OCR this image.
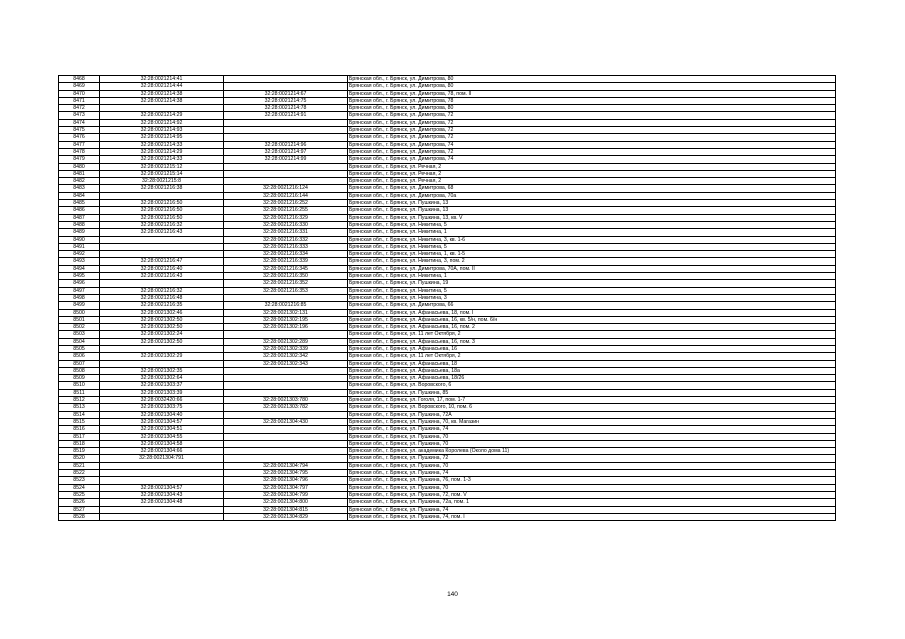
8468	32:28:0021214:41		Брянская обл., г. Брянск, ул. Димитрова, 80
8469	32:28:0021214:44		Брянская обл., г. Брянск, ул. Димитрова, 80
8470	32:28:0021214:38	32:28:0021214:67	Брянская обл., г. Брянск, ул. Димитрова, 78, пом. II
8471	32:28:0021214:38	32:28:0021214:75	Брянская обл., г. Брянск, ул. Димитрова, 78
8472		32:28:0021214:78	Брянская обл., г. Брянск, ул. Димитрова, 80
8473	32:28:0021214:29	32:28:0021214:91	Брянская обл., г. Брянск, ул. Димитрова, 72
8474	32:28:0021214:92		Брянская обл., г. Брянск, ул. Димитрова, 72
8475	32:28:0021214:93		Брянская обл., г. Брянск, ул. Димитрова, 72
8476	32:28:0021214:95		Брянская обл., г. Брянск, ул. Димитрова, 72
8477	32:28:0021214:33	32:28:0021214:96	Брянская обл., г. Брянск, ул. Димитрова, 74
8478	32:28:0021214:29	32:28:0021214:97	Брянская обл., г. Брянск, ул. Димитрова, 72
8479	32:28:0021214:33	32:28:0021214:99	Брянская обл., г. Брянск, ул. Димитрова, 74
8480	32:28:0021215:12		Брянская обл., г. Брянск, ул. Речная, 2
8481	32:28:0021215:14		Брянская обл., г. Брянск, ул. Речная, 2
8482	32:28:0021215:8		Брянская обл., г. Брянск, ул. Речная, 2
8483	32:28:0021216:38	32:28:0021216:124	Брянская обл., г. Брянск, ул. Димитрова, 68
8484		32:28:0021216:144	Брянская обл., г. Брянск, ул. Димитрова, 70а
8485	32:28:0021216:50	32:28:0021216:252	Брянская обл., г. Брянск, ул. Пушкина, 13
8486	32:28:0021216:50	32:28:0021216:255	Брянская обл., г. Брянск, ул. Пушкина, 13
8487	32:28:0021216:50	32:28:0021216:329	Брянская обл., г. Брянск, ул. Пушкина, 13, кв. V
8488	32:28:0021216:32	32:28:0021216:330	Брянская обл., г. Брянск, ул. Никитина, 5
8489	32:28:0021216:43	32:28:0021216:331	Брянская обл., г. Брянск, ул. Никитина, 1
8490		32:28:0021216:332	Брянская обл., г. Брянск, ул. Никитина, 3, кв. 1-6
8491		32:28:0021216:333	Брянская обл., г. Брянск, ул. Никитина, 5
8492		32:28:0021216:334	Брянская обл., г. Брянск, ул. Никитина, 1, кв. 1-5
8493	32:28:0021216:47	32:28:0021216:339	Брянская обл., г. Брянск, ул. Никитина, 3, пом. 2
8494	32:28:0021216:40	32:28:0021216:345	Брянская обл., г. Брянск, ул. Димитрова, 70А, пом. II
8495	32:28:0021216:43	32:28:0021216:350	Брянская обл., г. Брянск, ул. Никитина, 1
8496		32:28:0021216:352	Брянская обл., г. Брянск, ул. Пушкина, 19
8497	32:28:0021216:32	32:28:0021216:353	Брянская обл., г. Брянск, ул. Никитина, 5
8498	32:28:0021216:48		Брянская обл., г. Брянск, ул. Никитина, 3
8499	32:28:0021216:35	32:28:0021216:85	Брянская обл., г. Брянск, ул. Димитрова, 66
8500	32:28:0021302:46	32:28:0021302:131	Брянская обл., г. Брянск, ул. Афанасьева, 18, пом. I
8501	32:28:0021302:50	32:28:0021302:195	Брянская обл., г. Брянск, ул. Афанасьева, 16, кв. 5/н, пом. 6/н
8502	32:28:0021302:50	32:28:0021302:196	Брянская обл., г. Брянск, ул. Афанасьева, 16, пом. 2
8503	32:28:0021302:24		Брянская обл., г. Брянск, ул. 11 лет Октября, 2
8504	32:28:0021302:50	32:28:0021302:289	Брянская обл., г. Брянск, ул. Афанасьева, 16, пом. 3
8505		32:28:0021302:339	Брянская обл., г. Брянск, ул. Афанасьева, 16
8506	32:28:0021302:29	32:28:0021302:342	Брянская обл., г. Брянск, ул. 11 лет Октября, 2
8507		32:28:0021302:343	Брянская обл., г. Брянск, ул. Афанасьева, 18
8508	32:28:0021302:35		Брянская обл., г. Брянск, ул. Афанасьева, 18а
8509	32:28:0021302:64		Брянская обл., г. Брянск, ул. Афанасьева, 18/26
8510	32:28:0021303:37		Брянская обл., г. Брянск, ул. Воровского, 6
8511	32:28:0021303:39		Брянская обл., г. Брянск, ул. Пушкина, 85
8512	32:28:0032420:66	32:28:0021303:780	Брянская обл., г. Брянск, ул. Гоголя, 17, пом. 1-7
8513	32:28:0021303:75	32:28:0021303:782	Брянская обл., г. Брянск, ул. Воровского, 10, пом. 6
8514	32:28:0021304:40		Брянская обл., г. Брянск, ул. Пушкина, 72А
8515	32:28:0021304:57	32:28:0021304:430	Брянская обл., г. Брянск, ул. Пушкина, 70, кв. Магазин
8516	32:28:0021304:51		Брянская обл., г. Брянск, ул. Пушкина, 74
8517	32:28:0021304:55		Брянская обл., г. Брянск, ул. Пушкина, 70
8518	32:28:0021304:58		Брянская обл., г. Брянск, ул. Пушкина, 70
8519	32:28:0021304:66		Брянская обл., г. Брянск, ул. академика Королева (Около дома 11)
8520	32:28:0021304:791		Брянская обл., г. Брянск, ул. Пушкина, 72
8521		32:28:0021304:794	Брянская обл., г. Брянск, ул. Пушкина, 70
8522		32:28:0021304:795	Брянская обл., г. Брянск, ул. Пушкина, 74
8523		32:28:0021304:796	Брянская обл., г. Брянск, ул. Пушкина, 76, пом. 1-3
8524	32:28:0021304:57	32:28:0021304:797	Брянская обл., г. Брянск, ул. Пушкина, 70
8525	32:28:0021304:43	32:28:0021304:799	Брянская обл., г. Брянск, ул. Пушкина, 72, пом. V
8526	32:28:0021304:48	32:28:0021304:800	Брянская обл., г. Брянск, ул. Пушкина, 72а, пом. 1
8527		32:28:0021304:815	Брянская обл., г. Брянск, ул. Пушкина, 74
8528		32:28:0021304:829	Брянская обл., г. Брянск, ул. Пушкина, 74, пом. I
140
